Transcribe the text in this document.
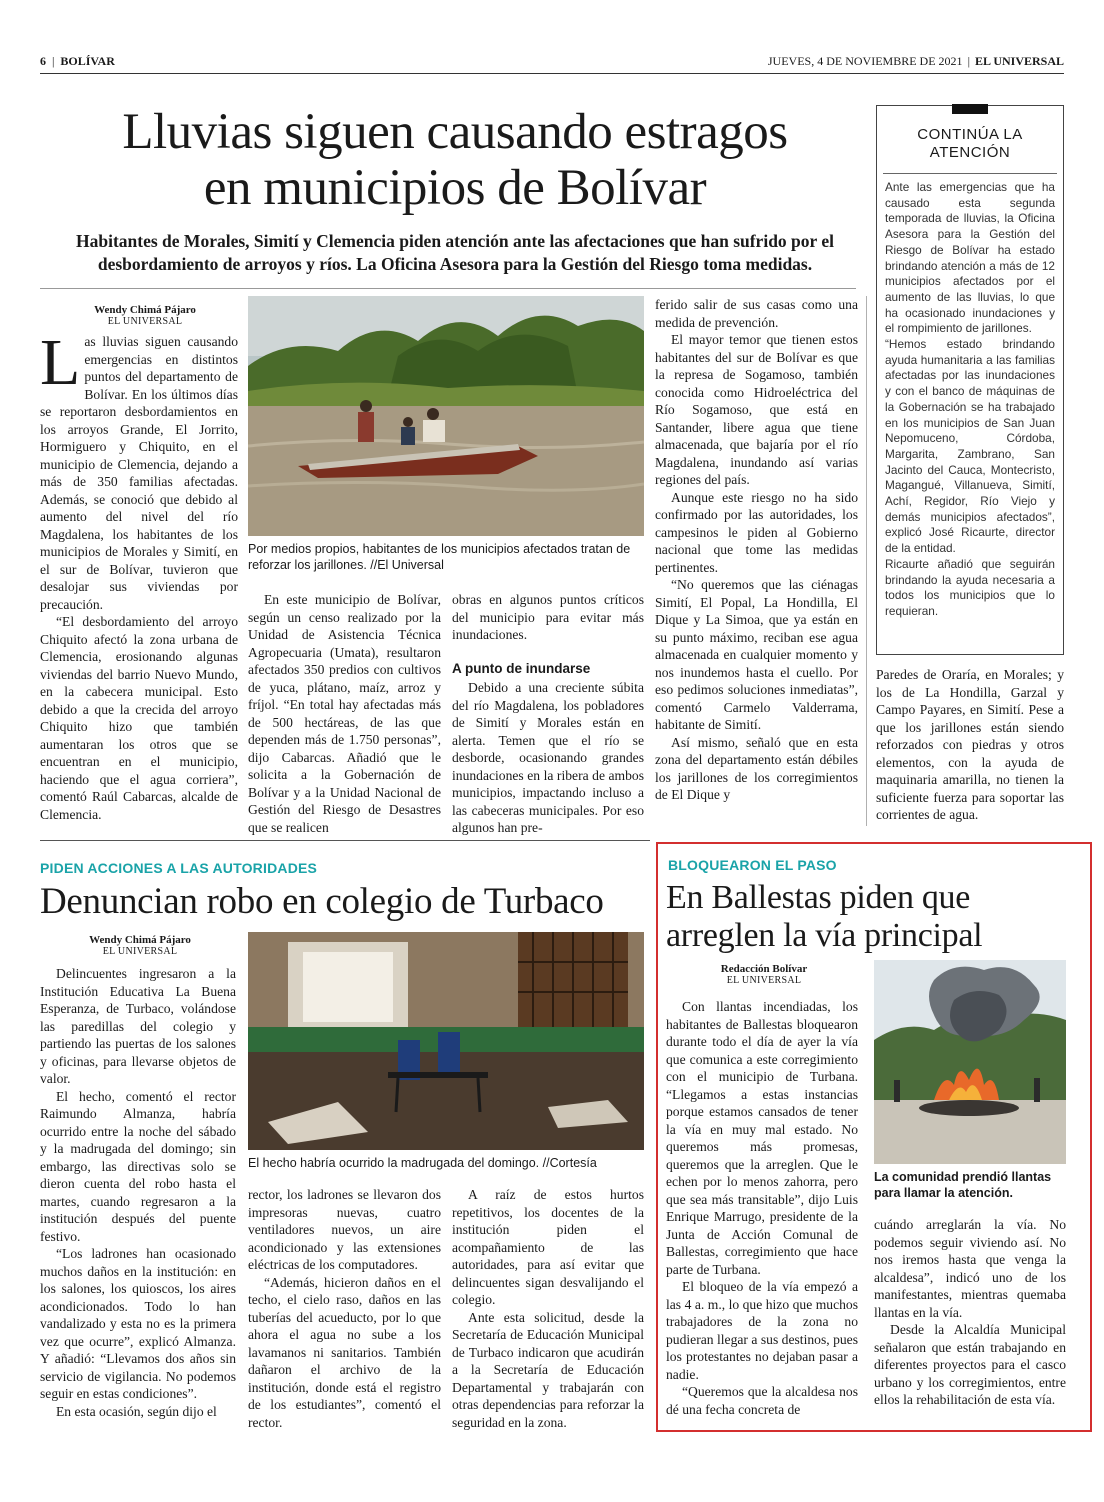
6 | BOLÍVAR	JUEVES, 4 DE NOVIEMBRE DE 2021 | EL UNIVERSAL
Lluvias siguen causando estragos
en municipios de Bolívar
Habitantes de Morales, Simití y Clemencia piden atención ante las afectaciones que han sufrido por el
desbordamiento de arroyos y ríos. La Oficina Asesora para la Gestión del Riesgo toma medidas.
CONTINÚA LA
ATENCIÓN

Ante las emergencias que ha causado esta segunda temporada de lluvias, la Oficina Asesora para la Gestión del Riesgo de Bolívar ha estado brindando atención a más de 12 municipios afectados por el aumento de las lluvias, lo que ha ocasionado inundaciones y el rompimiento de jarillones.

“Hemos estado brindando ayuda humanitaria a las familias afectadas por las inundaciones y con el banco de máquinas de la Gobernación se ha trabajado en los municipios de San Juan Nepomuceno, Córdoba, Margarita, Zambrano, San Jacinto del Cauca, Montecristo, Magangué, Villanueva, Simití, Achí, Regidor, Río Viejo y demás municipios afectados”, explicó José Ricaurte, director de la entidad.

Ricaurte añadió que seguirán brindando la ayuda necesaria a todos los municipios que lo requieran.

Wendy Chimá Pájaro
EL UNIVERSAL
L as lluvias siguen causando emergencias en distintos puntos del departamento de Bolívar. En los últimos días se reportaron desbordamientos en los arroyos Grande, El Jorrito, Hormiguero y Chiquito, en el municipio de Clemencia, dejando a más de 350 familias afectadas. Además, se conoció que debido al aumento del nivel del río Magdalena, los habitantes de los municipios de Morales y Simití, en el sur de Bolívar, tuvieron que desalojar sus viviendas por precaución.

“El desbordamiento del arroyo Chiquito afectó la zona urbana de Clemencia, erosionando algunas viviendas del barrio Nuevo Mundo, en la cabecera municipal. Esto debido a que la crecida del arroyo Chiquito hizo que también aumentaran los otros que se encuentran en el municipio, haciendo que el agua corriera”, comentó Raúl Cabarcas, alcalde de Clemencia.

Por medios propios, habitantes de los municipios afectados tratan de reforzar los jarillones. //El Universal

En este municipio de Bolívar, según un censo realizado por la Unidad de Asistencia Técnica Agropecuaria (Umata), resultaron afectados 350 predios con cultivos de yuca, plátano, maíz, arroz y fríjol. “En total hay afectadas más de 500 hectáreas, de las que dependen más de 1.750 personas”, dijo Cabarcas. Añadió que le solicita a la Gobernación de Bolívar y a la Unidad Nacional de Gestión del Riesgo de Desastres que se realicen

obras en algunos puntos críticos del municipio para evitar más inundaciones.

A punto de inundarse

Debido a una creciente súbita del río Magdalena, los pobladores de Simití y Morales están en alerta. Temen que el río se desborde, ocasionando grandes inundaciones en la ribera de ambos municipios, impactando incluso a las cabeceras municipales. Por eso algunos han pre-

ferido salir de sus casas como una medida de prevención.

El mayor temor que tienen estos habitantes del sur de Bolívar es que la represa de Sogamoso, también conocida como Hidroeléctrica del Río Sogamoso, que está en Santander, libere agua que tiene almacenada, que bajaría por el río Magdalena, inundando así varias regiones del país.

Aunque este riesgo no ha sido confirmado por las autoridades, los campesinos le piden al Gobierno nacional que tome las medidas pertinentes.

“No queremos que las ciénagas Simití, El Popal, La Hondilla, El Dique y La Simoa, que ya están en su punto máximo, reciban ese agua almacenada en cualquier momento y nos inundemos hasta el cuello. Por eso pedimos soluciones inmediatas”, comentó Carmelo Valderrama, habitante de Simití.

Así mismo, señaló que en esta zona del departamento están débiles los jarillones de los corregimientos de El Dique y

Paredes de Oraría, en Morales; y los de La Hondilla, Garzal y Campo Payares, en Simití. Pese a que los jarillones están siendo reforzados con piedras y otros elementos, con la ayuda de maquinaria amarilla, no tienen la suficiente fuerza para soportar las corrientes de agua.

PIDEN ACCIONES A LAS AUTORIDADES
Denuncian robo en colegio de Turbaco
Wendy Chimá Pájaro
EL UNIVERSAL

Delincuentes ingresaron a la Institución Educativa La Buena Esperanza, de Turbaco, volándose las paredillas del colegio y partiendo las puertas de los salones y oficinas, para llevarse objetos de valor.

El hecho, comentó el rector Raimundo Almanza, habría ocurrido entre la noche del sábado y la madrugada del domingo; sin embargo, las directivas solo se dieron cuenta del robo hasta el martes, cuando regresaron a la institución después del puente festivo.

“Los ladrones han ocasionado muchos daños en la institución: en los salones, los quioscos, los aires acondicionados. Todo lo han vandalizado y esta no es la primera vez que ocurre”, explicó Almanza. Y añadió: “Llevamos dos años sin servicio de vigilancia. No podemos seguir en estas condiciones”.

En esta ocasión, según dijo el

El hecho habría ocurrido la madrugada del domingo. //Cortesía

rector, los ladrones se llevaron dos impresoras nuevas, cuatro ventiladores nuevos, un aire acondicionado y las extensiones eléctricas de los computadores.

“Además, hicieron daños en el techo, el cielo raso, daños en las tuberías del acueducto, por lo que ahora el agua no sube a los lavamanos ni sanitarios. También dañaron el archivo de la institución, donde está el registro de los estudiantes”, comentó el rector.

A raíz de estos hurtos repetitivos, los docentes de la institución piden el acompañamiento de las autoridades, para así evitar que delincuentes sigan desvalijando el colegio.

Ante esta solicitud, desde la Secretaría de Educación Municipal de Turbaco indicaron que acudirán a la Secretaría de Educación Departamental y trabajarán con otras dependencias para reforzar la seguridad en la zona.

BLOQUEARON EL PASO
En Ballestas piden que
arreglen la vía principal
Redacción Bolívar
EL UNIVERSAL

Con llantas incendiadas, los habitantes de Ballestas bloquearon durante todo el día de ayer la vía que comunica a este corregimiento con el municipio de Turbana. “Llegamos a estas instancias porque estamos cansados de tener la vía en muy mal estado. No queremos más promesas, queremos que la arreglen. Que le echen por lo menos zahorra, pero que sea más transitable”, dijo Luis Enrique Marrugo, presidente de la Junta de Acción Comunal de Ballestas, corregimiento que hace parte de Turbana.

El bloqueo de la vía empezó a las 4 a. m., lo que hizo que muchos trabajadores de la zona no pudieran llegar a sus destinos, pues los protestantes no dejaban pasar a nadie.

“Queremos que la alcaldesa nos dé una fecha concreta de

La comunidad prendió llantas para llamar la atención.

cuándo arreglarán la vía. No podemos seguir viviendo así. No nos iremos hasta que venga la alcaldesa”, indicó uno de los manifestantes, mientras quemaba llantas en la vía.

Desde la Alcaldía Municipal señalaron que están trabajando en diferentes proyectos para el casco urbano y los corregimientos, entre ellos la rehabilitación de esta vía.
